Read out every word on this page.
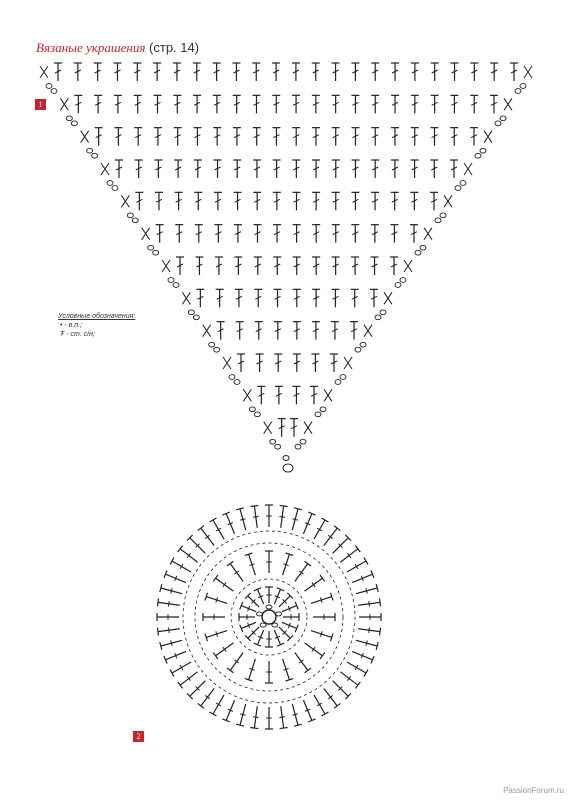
Вязаные украшения (стр. 14)
1
Условные обозначения:
• - в.п.;
Ŧ - ст. с/н;
2
PassionForum.ru
